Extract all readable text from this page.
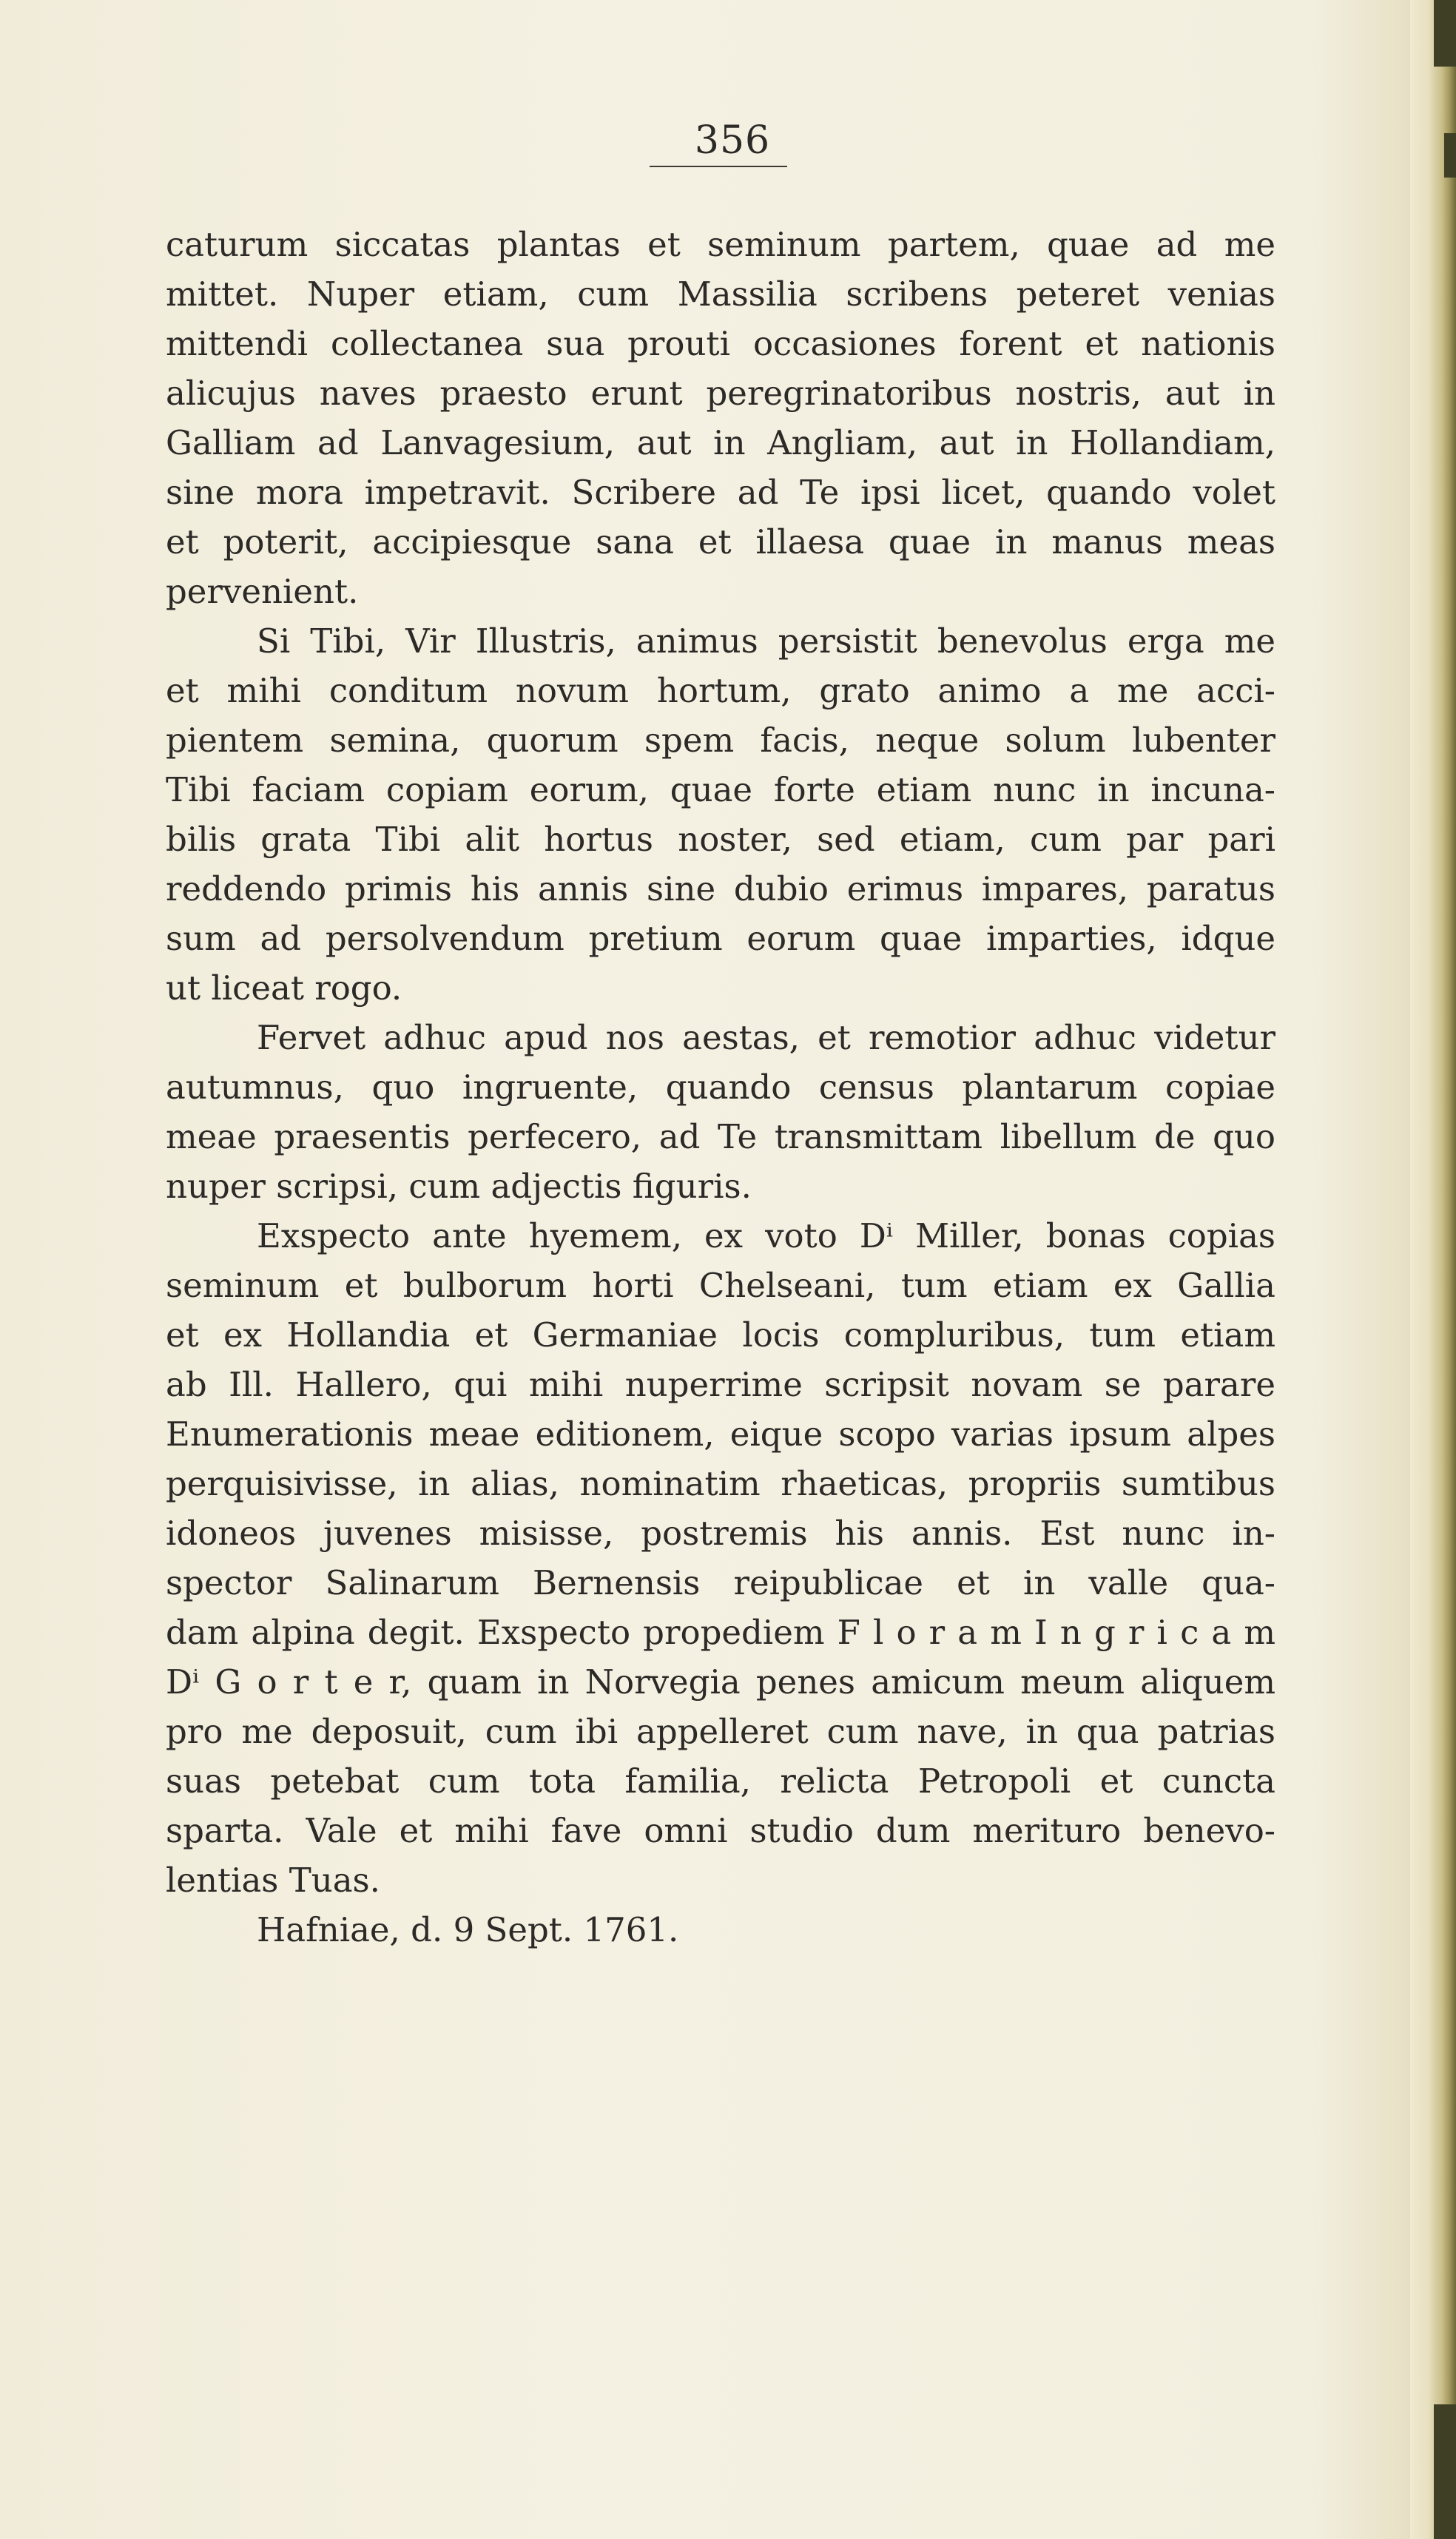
356
caturum siccatas plantas et seminum partem, quae ad me
mittet. Nuper etiam, cum Massilia scribens peteret venias
mittendi collectanea sua prouti occasiones forent et nationis
alicujus naves praesto erunt peregrinatoribus nostris, aut in
Galliam ad Lanvagesium, aut in Angliam, aut in Hollandiam,
sine mora impetravit. Scribere ad Te ipsi licet, quando volet
et poterit, accipiesque sana et illaesa quae in manus meas
pervenient.
Si Tibi, Vir Illustris, animus persistit benevolus erga me
et mihi conditum novum hortum, grato animo a me acci-
pientem semina, quorum spem facis, neque solum lubenter
Tibi faciam copiam eorum, quae forte etiam nunc in incuna-
bilis grata Tibi alit hortus noster, sed etiam, cum par pari
reddendo primis his annis sine dubio erimus impares, paratus
sum ad persolvendum pretium eorum quae imparties, idque
ut liceat rogo.
Fervet adhuc apud nos aestas, et remotior adhuc videtur
autumnus, quo ingruente, quando census plantarum copiae
meae praesentis perfecero, ad Te transmittam libellum de quo
nuper scripsi, cum adjectis figuris.
Exspecto ante hyemem, ex voto Dⁱ Miller, bonas copias
seminum et bulborum horti Chelseani, tum etiam ex Gallia
et ex Hollandia et Germaniae locis compluribus, tum etiam
ab Ill. Hallero, qui mihi nuperrime scripsit novam se parare
Enumerationis meae editionem, eique scopo varias ipsum alpes
perquisivisse, in alias, nominatim rhaeticas, propriis sumtibus
idoneos juvenes misisse, postremis his annis. Est nunc in-
spector Salinarum Bernensis reipublicae et in valle qua-
dam alpina degit. Exspecto propediem F l o r a m I n g r i c a m
Dⁱ G o r t e r, quam in Norvegia penes amicum meum aliquem
pro me deposuit, cum ibi appelleret cum nave, in qua patrias
suas petebat cum tota familia, relicta Petropoli et cuncta
sparta. Vale et mihi fave omni studio dum merituro benevo-
lentias Tuas.
Hafniae, d. 9 Sept. 1761.
